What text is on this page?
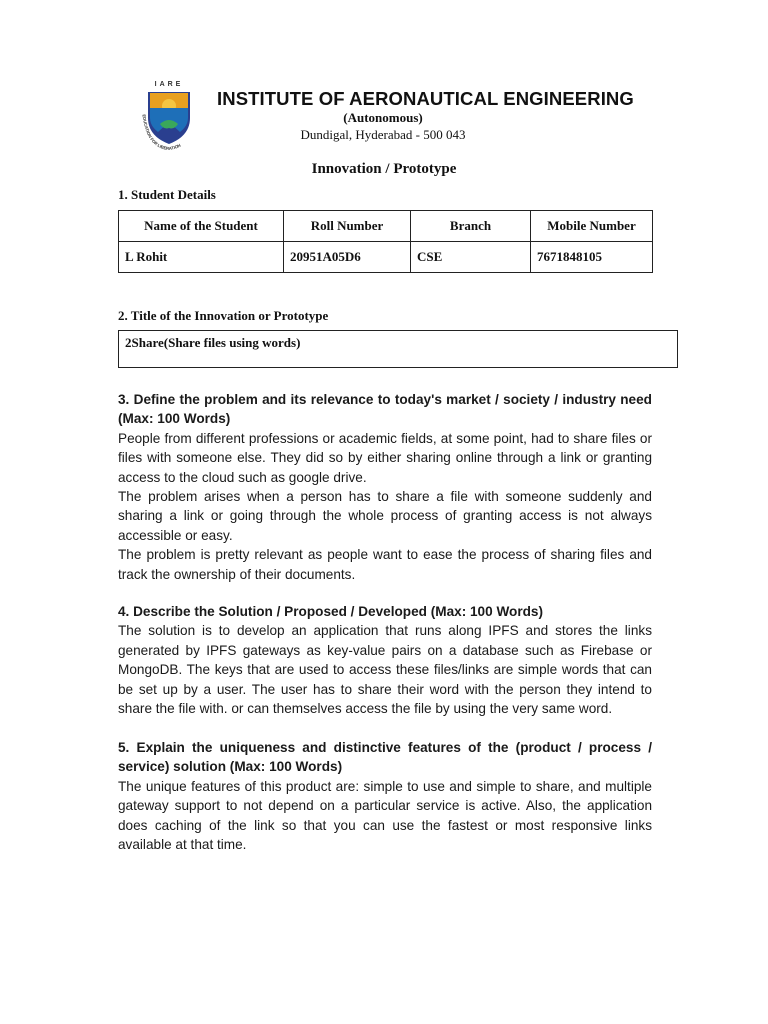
IARE
EDUCATION FOR LIBERATION
INSTITUTE OF AERONAUTICAL ENGINEERING
(Autonomous)
Dundigal, Hyderabad - 500 043
Innovation / Prototype
1. Student Details
Name of the Student	Roll Number	Branch	Mobile Number
L Rohit	20951A05D6	CSE	7671848105
2. Title of the Innovation or Prototype
2Share(Share files using words)

3. Define the problem and its relevance to today's market / society / industry need (Max: 100 Words)

People from different professions or academic fields, at some point, had to share files or files with someone else. They did so by either sharing online through a link or granting access to the cloud such as google drive.

The problem arises when a person has to share a file with someone suddenly and sharing a link or going through the whole process of granting access is not always accessible or easy.

The problem is pretty relevant as people want to ease the process of sharing files and track the ownership of their documents.

4. Describe the Solution / Proposed / Developed (Max: 100 Words)

The solution is to develop an application that runs along IPFS and stores the links generated by IPFS gateways as key-value pairs on a database such as Firebase or MongoDB. The keys that are used to access these files/links are simple words that can be set up by a user. The user has to share their word with the person they intend to share the file with. or can themselves access the file by using the very same word.

5. Explain the uniqueness and distinctive features of the (product / process / service) solution (Max: 100 Words)

The unique features of this product are: simple to use and simple to share, and multiple gateway support to not depend on a particular service is active. Also, the application does caching of the link so that you can use the fastest or most responsive links available at that time.
